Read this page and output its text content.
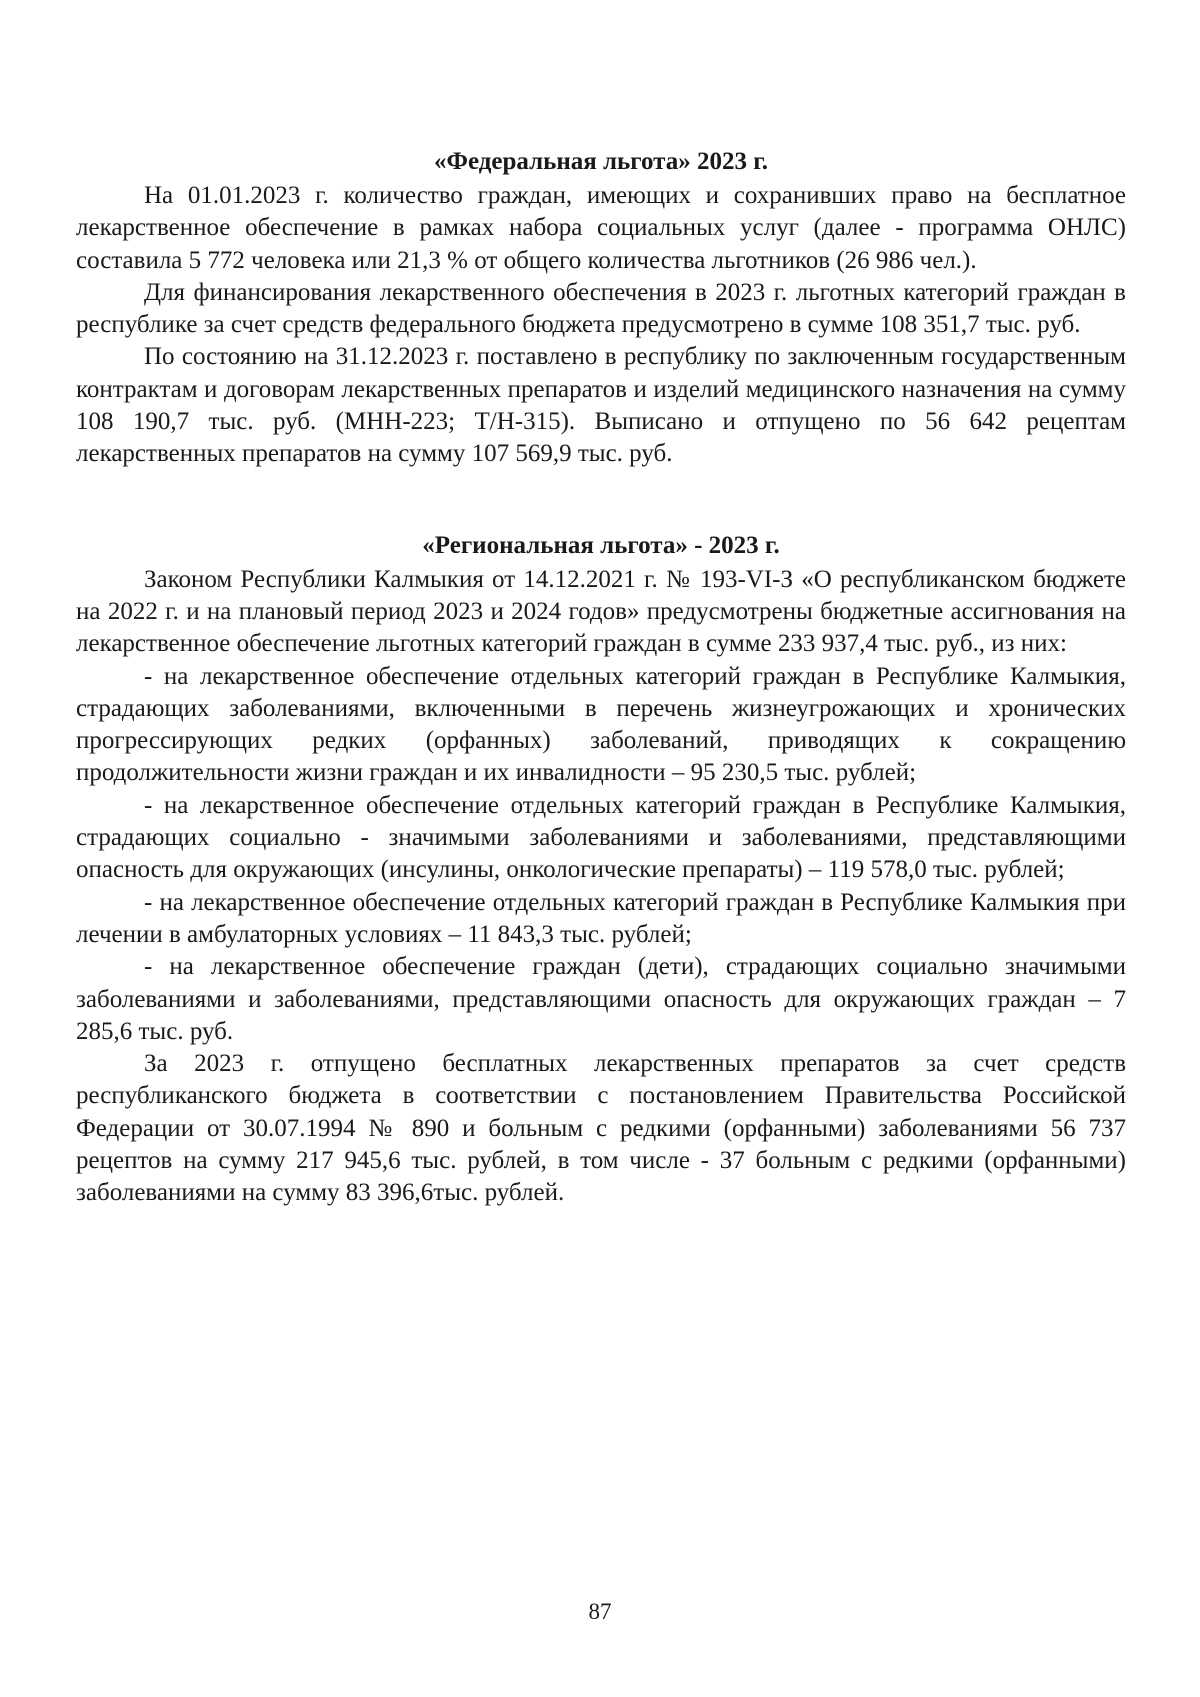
«Федеральная льгота» 2023 г.

На 01.01.2023 г. количество граждан, имеющих и сохранивших право на бесплатное лекарственное обеспечение в рамках набора социальных услуг (далее - программа ОНЛС) составила 5 772 человека или 21,3 % от общего количества льготников (26 986 чел.).

Для финансирования лекарственного обеспечения в 2023 г. льготных категорий граждан в республике за счет средств федерального бюджета предусмотрено в сумме 108 351,7 тыс. руб.

По состоянию на 31.12.2023 г. поставлено в республику по заключенным государственным контрактам и договорам лекарственных препаратов и изделий медицинского назначения на сумму 108 190,7 тыс. руб. (МНН-223; Т/Н-315). Выписано и отпущено по 56 642 рецептам лекарственных препаратов на сумму 107 569,9 тыс. руб.

«Региональная льгота» - 2023 г.

Законом Республики Калмыкия от 14.12.2021 г. № 193-VI-З «О республиканском бюджете на 2022 г. и на плановый период 2023 и 2024 годов» предусмотрены бюджетные ассигнования на лекарственное обеспечение льготных категорий граждан в сумме 233 937,4 тыс. руб., из них:

- на лекарственное обеспечение отдельных категорий граждан в Республике Калмыкия, страдающих заболеваниями, включенными в перечень жизнеугрожающих и хронических прогрессирующих редких (орфанных) заболеваний, приводящих к сокращению продолжительности жизни граждан и их инвалидности – 95 230,5 тыс. рублей;

- на лекарственное обеспечение отдельных категорий граждан в Республике Калмыкия, страдающих социально - значимыми заболеваниями и заболеваниями, представляющими опасность для окружающих (инсулины, онкологические препараты) – 119 578,0 тыс. рублей;

- на лекарственное обеспечение отдельных категорий граждан в Республике Калмыкия при лечении в амбулаторных условиях – 11 843,3 тыс. рублей;

- на лекарственное обеспечение граждан (дети), страдающих социально значимыми заболеваниями и заболеваниями, представляющими опасность для окружающих граждан – 7 285,6 тыс. руб.

За 2023 г. отпущено бесплатных лекарственных препаратов за счет средств республиканского бюджета в соответствии с постановлением Правительства Российской Федерации от 30.07.1994 № 890 и больным с редкими (орфанными) заболеваниями 56 737 рецептов на сумму 217 945,6 тыс. рублей, в том числе - 37 больным с редкими (орфанными) заболеваниями на сумму 83 396,6тыс. рублей.

87
